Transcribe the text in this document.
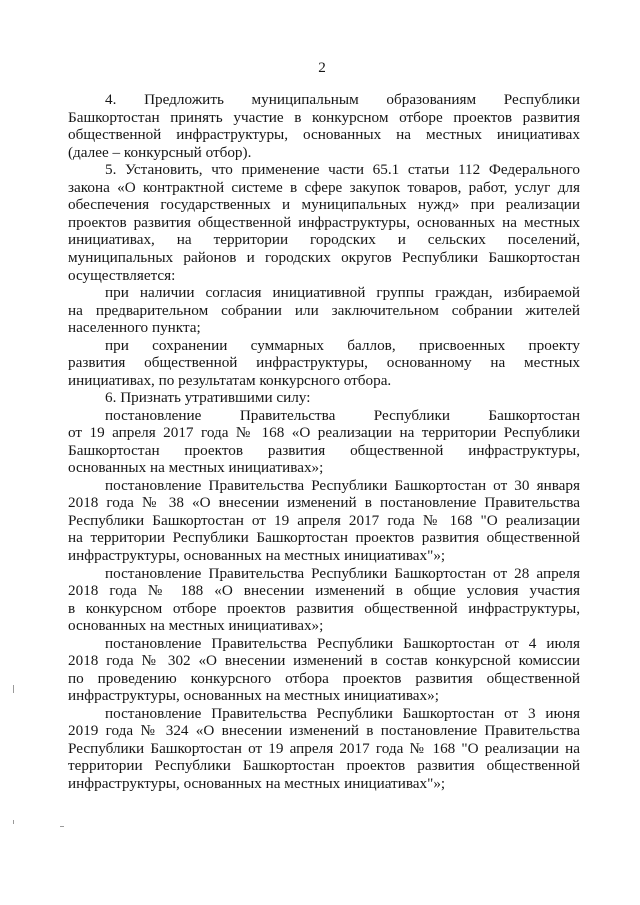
2
4. Предложить муниципальным образованиям Республики
Башкортостан принять участие в конкурсном отборе проектов развития
общественной инфраструктуры, основанных на местных инициативах
(далее – конкурсный отбор).
5. Установить, что применение части 65.1 статьи 112 Федерального
закона «О контрактной системе в сфере закупок товаров, работ, услуг для
обеспечения государственных и муниципальных нужд» при реализации
проектов развития общественной инфраструктуры, основанных на местных
инициативах, на территории городских и сельских поселений,
муниципальных районов и городских округов Республики Башкортостан
осуществляется:
при наличии согласия инициативной группы граждан, избираемой
на предварительном собрании или заключительном собрании жителей
населенного пункта;
при сохранении суммарных баллов, присвоенных проекту
развития общественной инфраструктуры, основанному на местных
инициативах, по результатам конкурсного отбора.
6. Признать утратившими силу:
постановление Правительства Республики Башкортостан
от 19 апреля 2017 года № 168 «О реализации на территории Республики
Башкортостан проектов развития общественной инфраструктуры,
основанных на местных инициативах»;
постановление Правительства Республики Башкортостан от 30 января
2018 года № 38 «О внесении изменений в постановление Правительства
Республики Башкортостан от 19 апреля 2017 года № 168 "О реализации
на территории Республики Башкортостан проектов развития общественной
инфраструктуры, основанных на местных инициативах"»;
постановление Правительства Республики Башкортостан от 28 апреля
2018 года № 188 «О внесении изменений в общие условия участия
в конкурсном отборе проектов развития общественной инфраструктуры,
основанных на местных инициативах»;
постановление Правительства Республики Башкортостан от 4 июля
2018 года № 302 «О внесении изменений в состав конкурсной комиссии
по проведению конкурсного отбора проектов развития общественной
инфраструктуры, основанных на местных инициативах»;
постановление Правительства Республики Башкортостан от 3 июня
2019 года № 324 «О внесении изменений в постановление Правительства
Республики Башкортостан от 19 апреля 2017 года № 168 "О реализации на
территории Республики Башкортостан проектов развития общественной
инфраструктуры, основанных на местных инициативах"»;
